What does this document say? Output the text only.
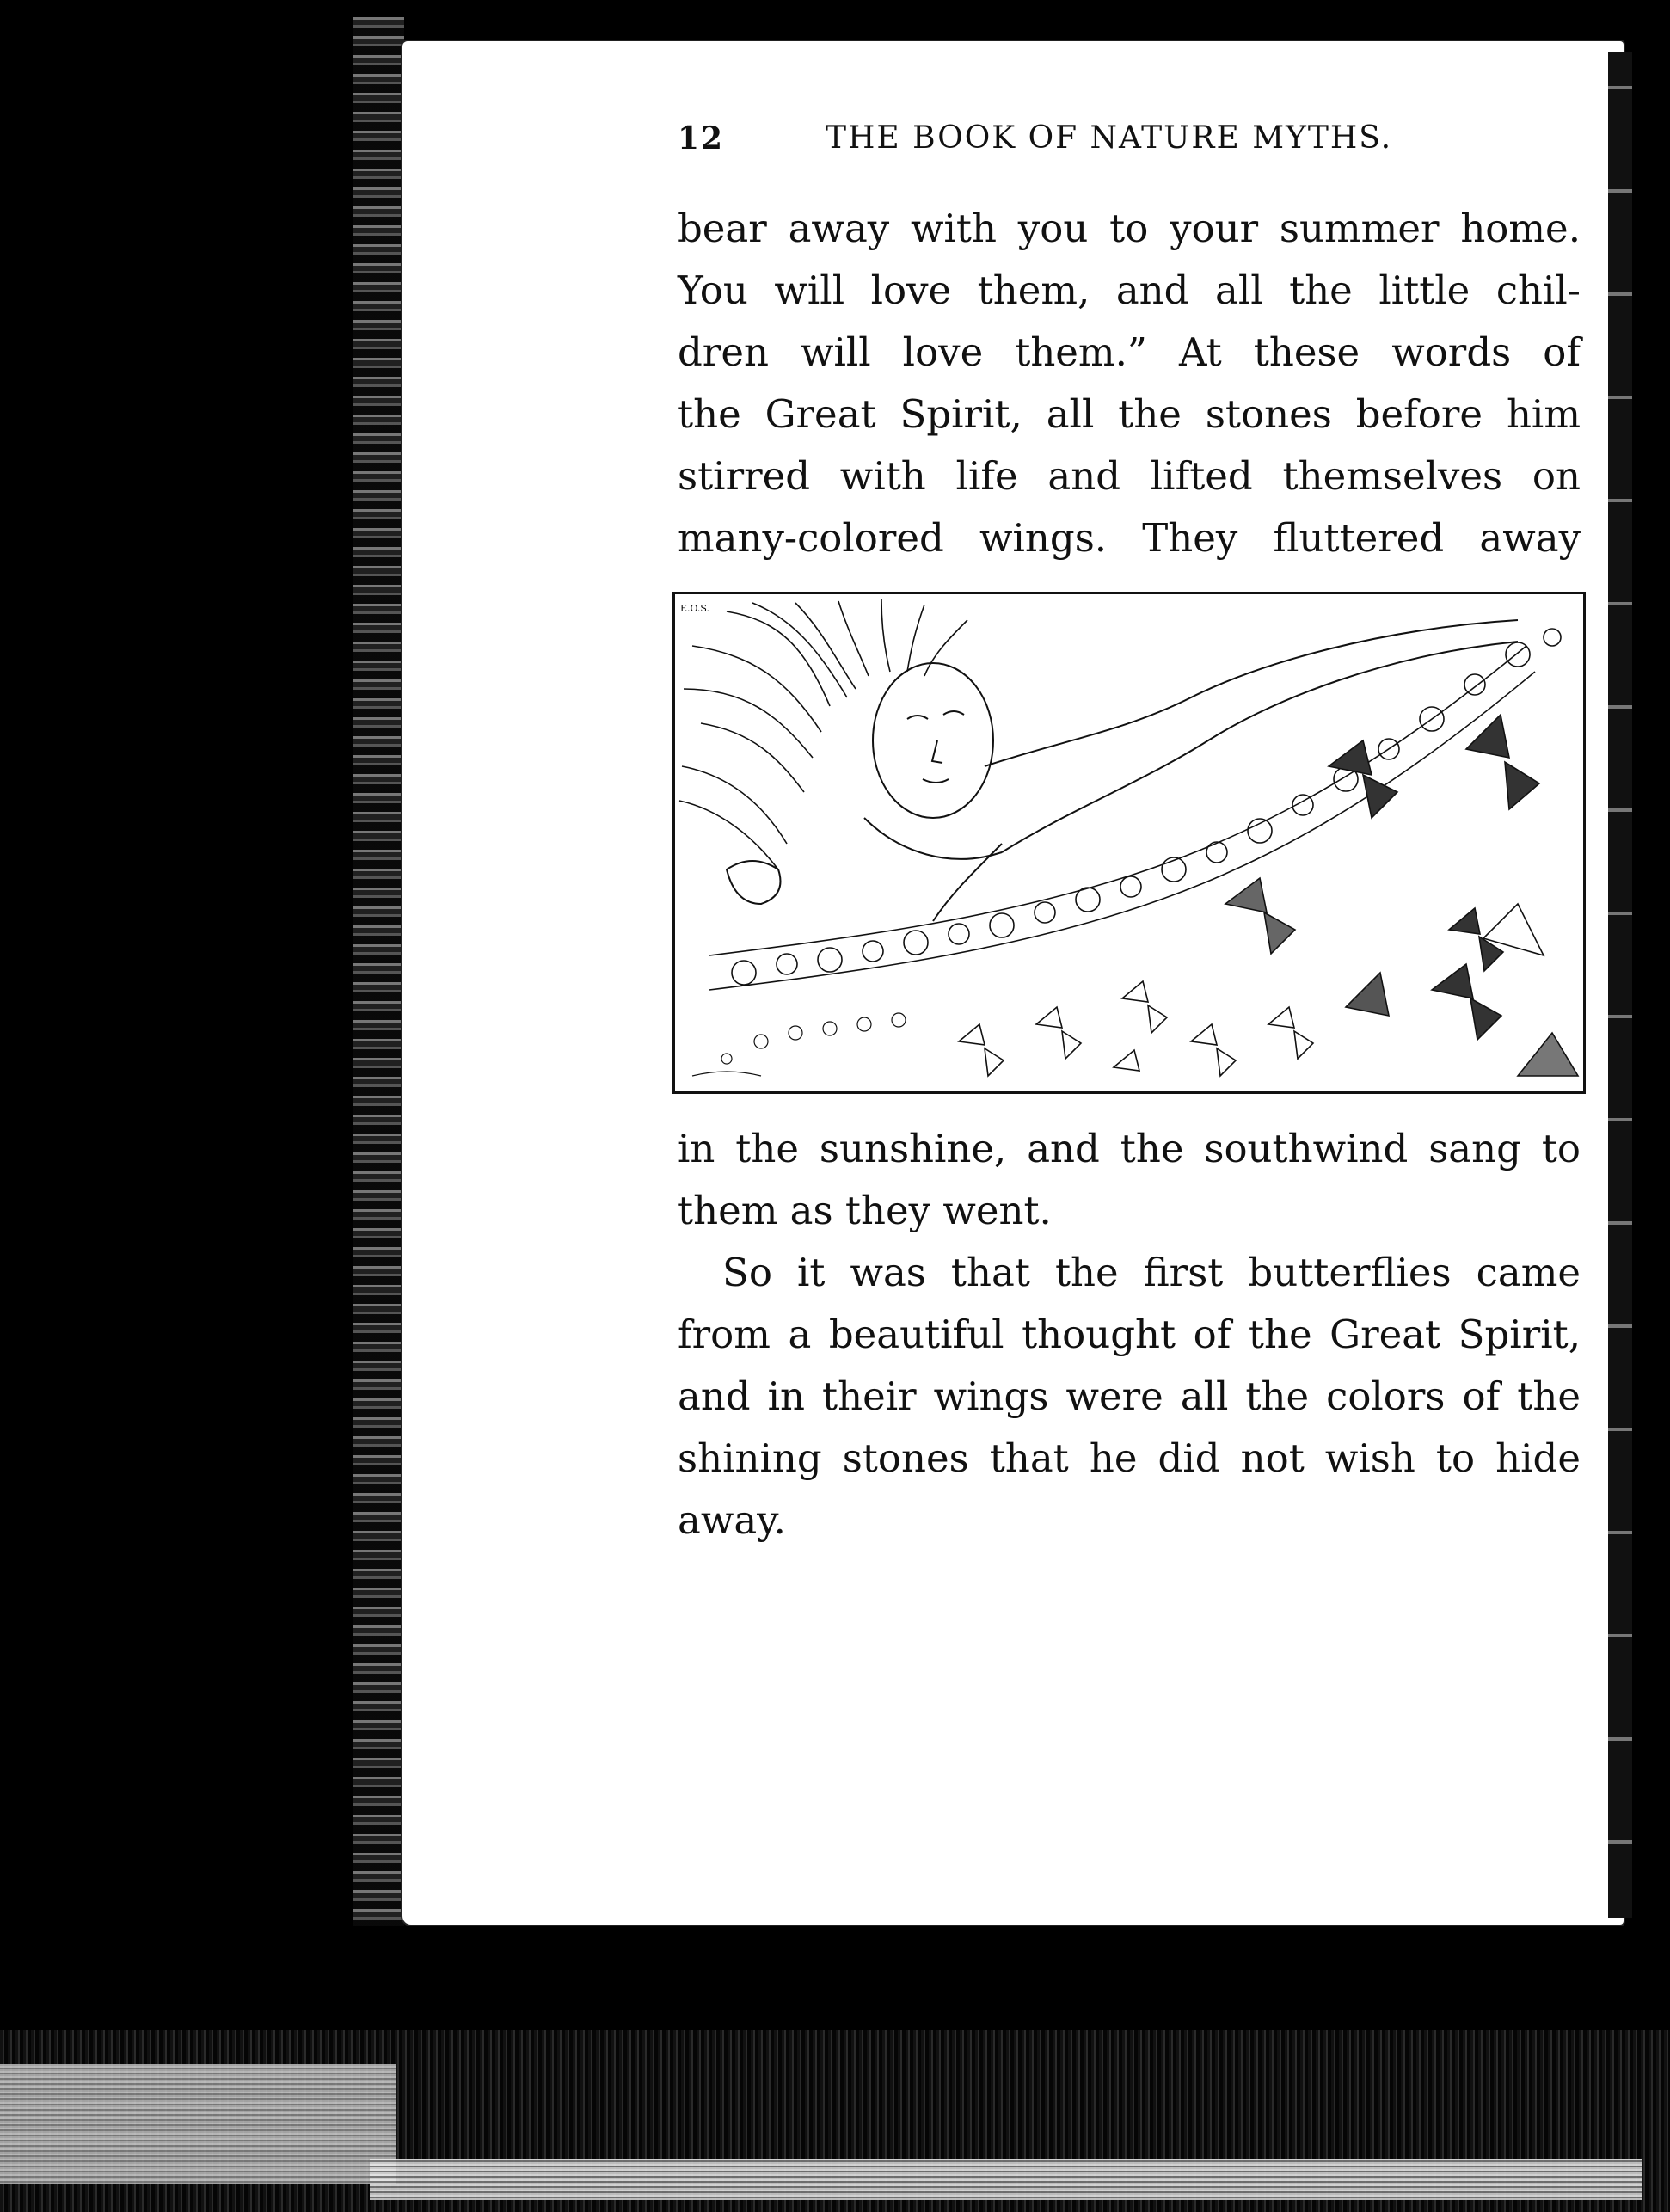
12	THE BOOK OF NATURE MYTHS.
bear away with you to your summer home.
You will love them, and all the little chil-
dren will love them.” At these words of
the Great Spirit, all the stones before him
stirred with life and lifted themselves on
many-colored wings. They fluttered away
E.O.S.
in the sunshine, and the southwind sang to
them as they went.
So it was that the first butterflies came
from a beautiful thought of the Great Spirit,
and in their wings were all the colors of the
shining stones that he did not wish to hide
away.
